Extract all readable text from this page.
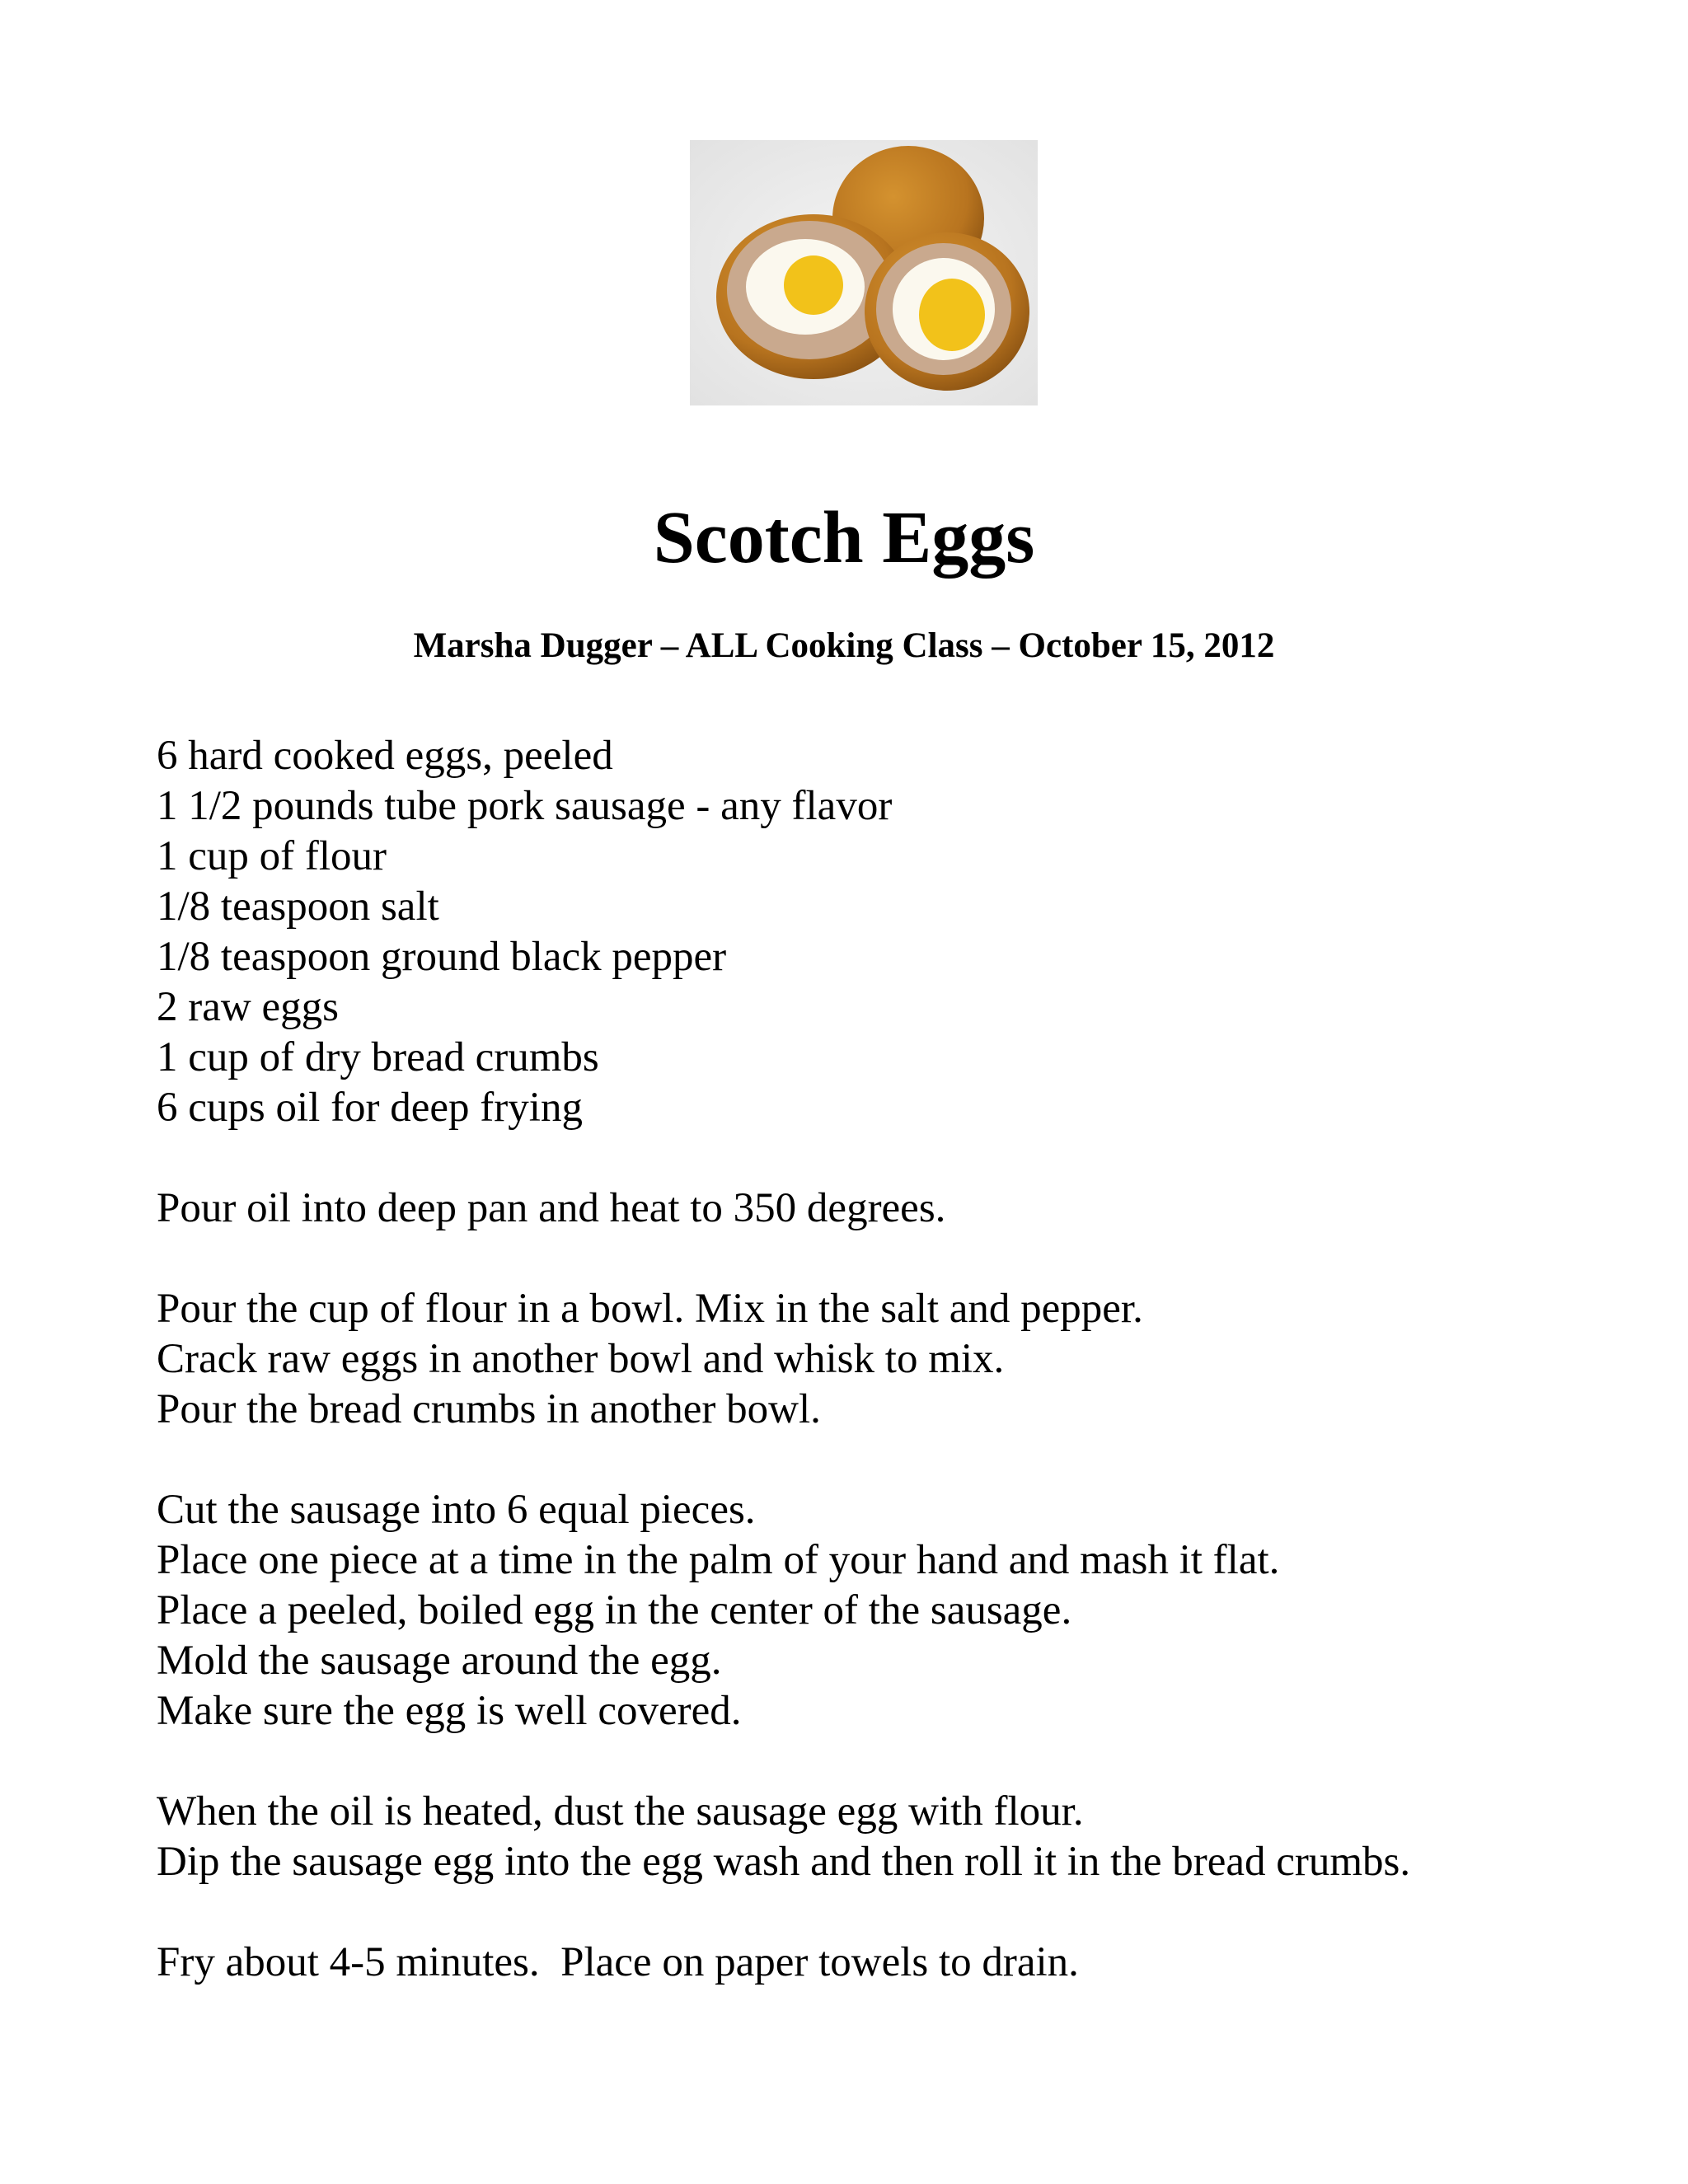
Scotch Eggs
Marsha Dugger – ALL Cooking Class – October 15, 2012
6 hard cooked eggs, peeled
1 1/2 pounds tube pork sausage - any flavor
1 cup of flour
1/8 teaspoon salt
1/8 teaspoon ground black pepper
2 raw eggs
1 cup of dry bread crumbs
6 cups oil for deep frying
Pour oil into deep pan and heat to 350 degrees.
Pour the cup of flour in a bowl. Mix in the salt and pepper.
Crack raw eggs in another bowl and whisk to mix.
Pour the bread crumbs in another bowl.
Cut the sausage into 6 equal pieces.
Place one piece at a time in the palm of your hand and mash it flat.
Place a peeled, boiled egg in the center of the sausage.
Mold the sausage around the egg.
Make sure the egg is well covered.
When the oil is heated, dust the sausage egg with flour.
Dip the sausage egg into the egg wash and then roll it in the bread crumbs.
Fry about 4-5 minutes.  Place on paper towels to drain.
